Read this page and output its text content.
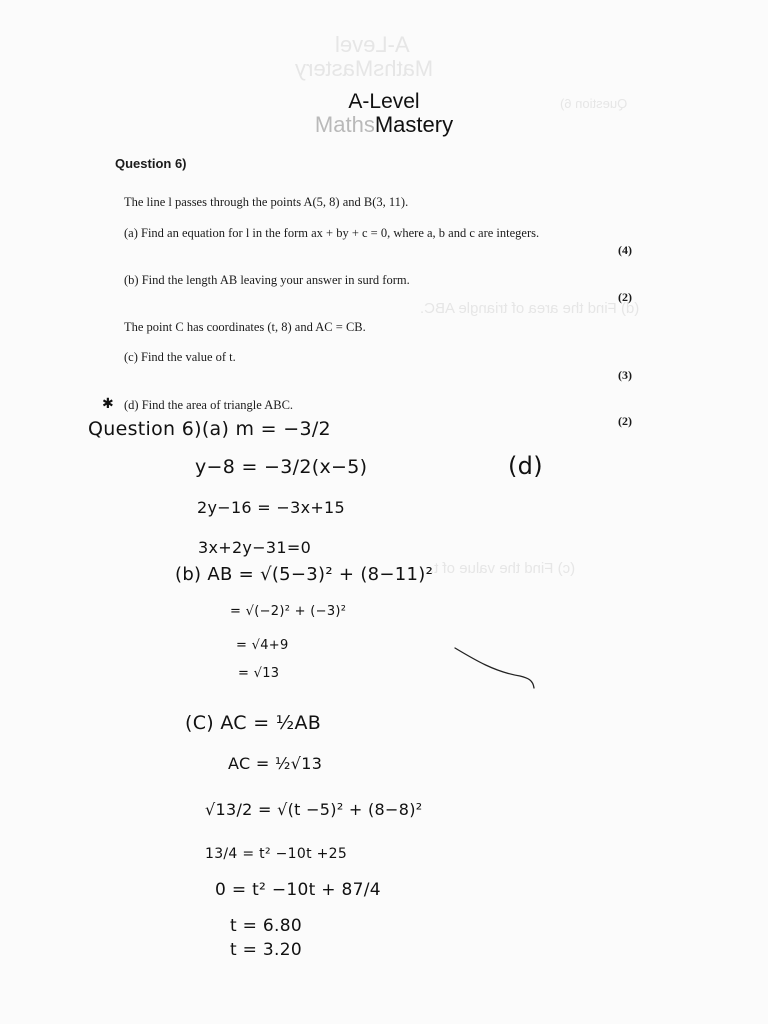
A-Level
MathsMastery
Question 6)
(d) Find the area of triangle ABC.
(c) Find the value of t.
A-Level
MathsMastery
Question 6)
The line l passes through the points A(5, 8) and B(3, 11).
(a) Find an equation for l in the form ax + by + c = 0, where a, b and c are integers.
(4)
(b) Find the length AB leaving your answer in surd form.
(2)
The point C has coordinates (t, 8) and AC = CB.
(c) Find the value of t.
(3)
✱ (d) Find the area of triangle ABC.
(2)
Question 6)(a) m = −3/2
y−8 = −3/2(x−5)
2y−16 = −3x+15
3x+2y−31=0
(d)
(b) AB = √(5−3)² + (8−11)²
= √(−2)² + (−3)²
= √4+9
= √13
(C) AC = ½AB
AC = ½√13
√13/2 = √(t −5)² + (8−8)²
13/4 = t² −10t +25
0 = t² −10t + 87/4
t = 6.80
t = 3.20
